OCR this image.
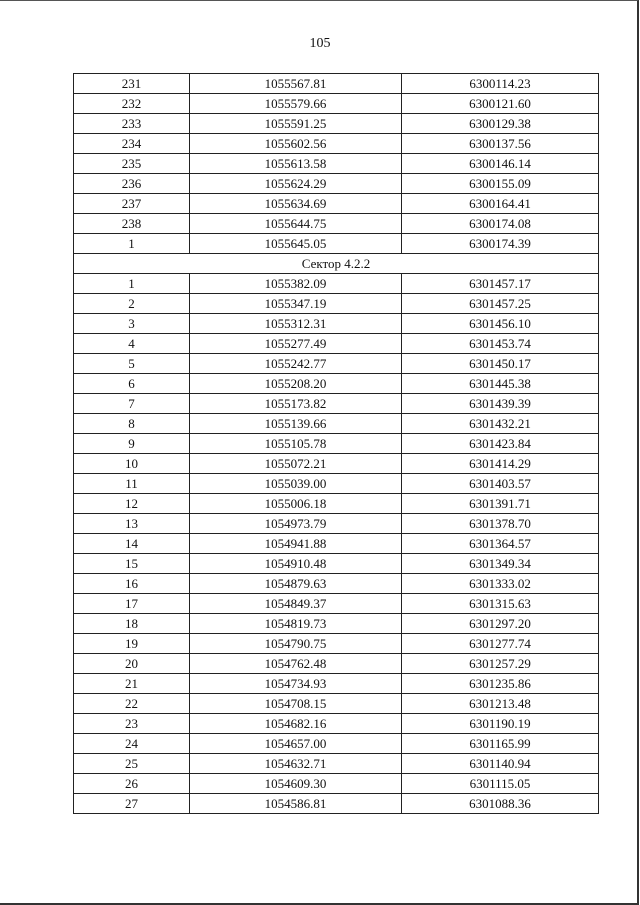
105
231	1055567.81	6300114.23
232	1055579.66	6300121.60
233	1055591.25	6300129.38
234	1055602.56	6300137.56
235	1055613.58	6300146.14
236	1055624.29	6300155.09
237	1055634.69	6300164.41
238	1055644.75	6300174.08
1	1055645.05	6300174.39
Сектор 4.2.2		
1	1055382.09	6301457.17
2	1055347.19	6301457.25
3	1055312.31	6301456.10
4	1055277.49	6301453.74
5	1055242.77	6301450.17
6	1055208.20	6301445.38
7	1055173.82	6301439.39
8	1055139.66	6301432.21
9	1055105.78	6301423.84
10	1055072.21	6301414.29
11	1055039.00	6301403.57
12	1055006.18	6301391.71
13	1054973.79	6301378.70
14	1054941.88	6301364.57
15	1054910.48	6301349.34
16	1054879.63	6301333.02
17	1054849.37	6301315.63
18	1054819.73	6301297.20
19	1054790.75	6301277.74
20	1054762.48	6301257.29
21	1054734.93	6301235.86
22	1054708.15	6301213.48
23	1054682.16	6301190.19
24	1054657.00	6301165.99
25	1054632.71	6301140.94
26	1054609.30	6301115.05
27	1054586.81	6301088.36
